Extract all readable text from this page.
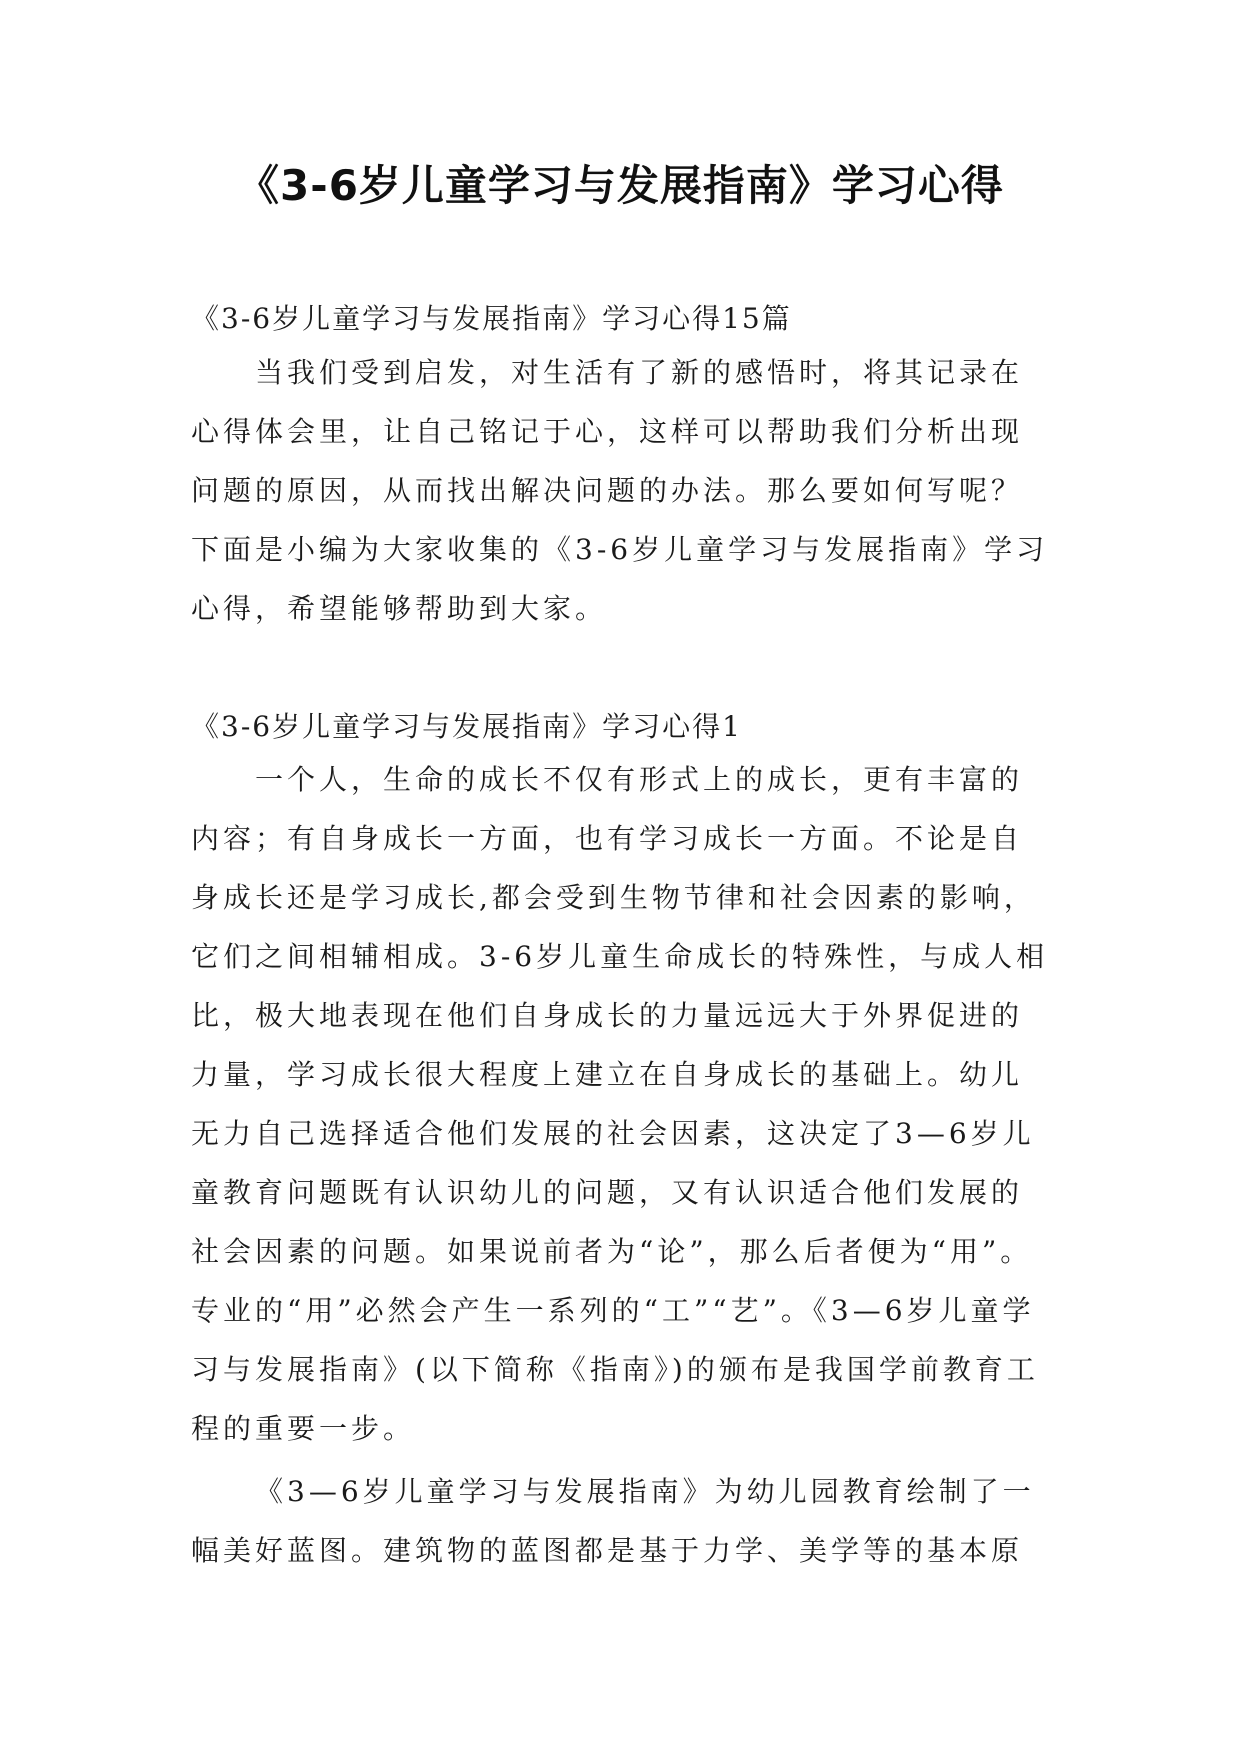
《3-6岁儿童学习与发展指南》学习心得

《3-6岁儿童学习与发展指南》学习心得15篇

当我们受到启发，对生活有了新的感悟时，将其记录在心得体会里，让自己铭记于心，这样可以帮助我们分析出现问题的原因，从而找出解决问题的办法。那么要如何写呢？下面是小编为大家收集的《3-6岁儿童学习与发展指南》学习心得，希望能够帮助到大家。

《3-6岁儿童学习与发展指南》学习心得1

一个人，生命的成长不仅有形式上的成长，更有丰富的内容；有自身成长一方面，也有学习成长一方面。不论是自身成长还是学习成长,都会受到生物节律和社会因素的影响，它们之间相辅相成。3-6岁儿童生命成长的特殊性，与成人相比，极大地表现在他们自身成长的力量远远大于外界促进的力量，学习成长很大程度上建立在自身成长的基础上。幼儿无力自己选择适合他们发展的社会因素，这决定了3—6岁儿童教育问题既有认识幼儿的问题，又有认识适合他们发展的社会因素的问题。如果说前者为“论”，那么后者便为“用”。专业的“用”必然会产生一系列的“工”“艺”。《3—6岁儿童学习与发展指南》(以下简称《指南》)的颁布是我国学前教育工程的重要一步。

《3—6岁儿童学习与发展指南》为幼儿园教育绘制了一幅美好蓝图。建筑物的蓝图都是基于力学、美学等的基本原
